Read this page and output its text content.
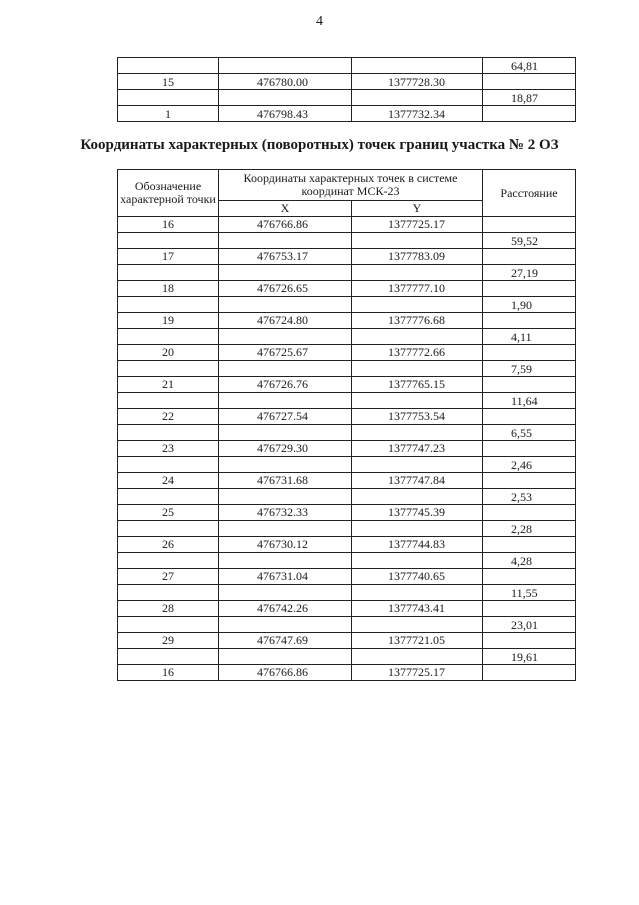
4
			64,81
15	476780.00	1377728.30	
			18,87
1	476798.43	1377732.34	
Координаты характерных (поворотных) точек границ участка № 2 ОЗ
Обозначение характерной точки	Координаты характерных точек в системе координат МСК-23		Расстояние
	X	Y	
16	476766.86	1377725.17	
			59,52
17	476753.17	1377783.09	
			27,19
18	476726.65	1377777.10	
			1,90
19	476724.80	1377776.68	
			4,11
20	476725.67	1377772.66	
			7,59
21	476726.76	1377765.15	
			11,64
22	476727.54	1377753.54	
			6,55
23	476729.30	1377747.23	
			2,46
24	476731.68	1377747.84	
			2,53
25	476732.33	1377745.39	
			2,28
26	476730.12	1377744.83	
			4,28
27	476731.04	1377740.65	
			11,55
28	476742.26	1377743.41	
			23,01
29	476747.69	1377721.05	
			19,61
16	476766.86	1377725.17	
